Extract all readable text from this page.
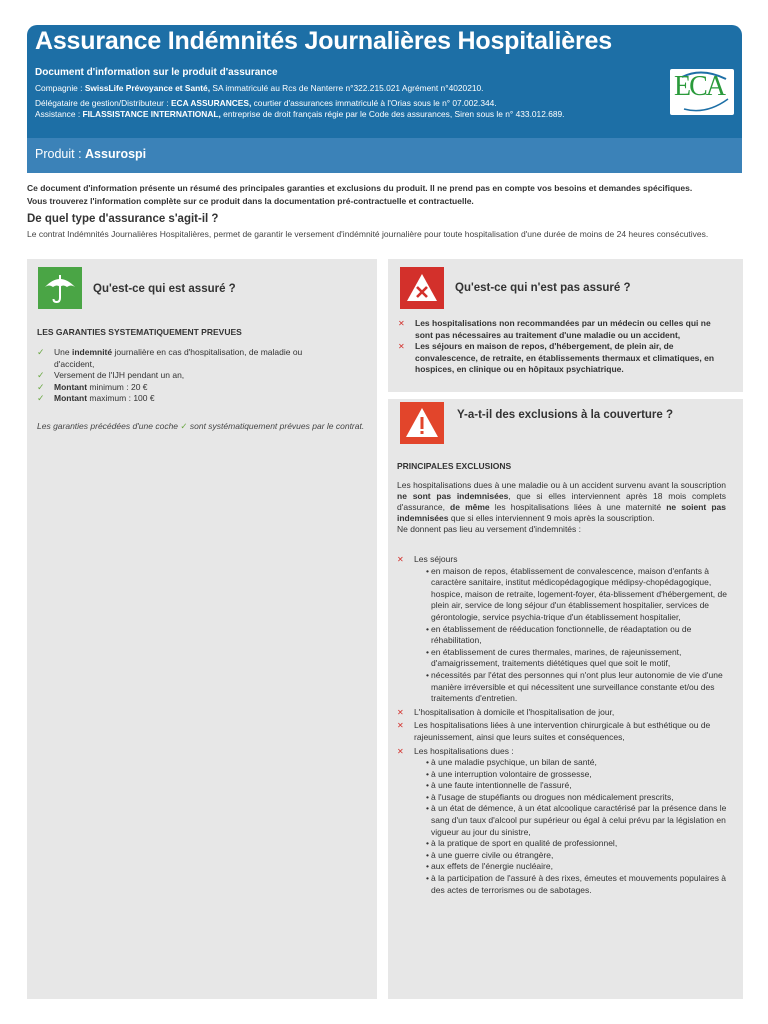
Assurance Indémnités Journalières Hospitalières
Document d'information sur le produit d'assurance
Compagnie : SwissLife Prévoyance et Santé, SA immatriculé au Rcs de Nanterre n°322.215.021 Agrément n°4020210.
Délégataire de gestion/Distributeur : ECA ASSURANCES, courtier d'assurances immatriculé à l'Orias sous le n° 07.002.344.
Assistance : FILASSISTANCE INTERNATIONAL, entreprise de droit français régie par le Code des assurances, Siren sous le n° 433.012.689.
ECA
Produit : Assurospi
Ce document d'information présente un résumé des principales garanties et exclusions du produit. Il ne prend pas en compte vos besoins et demandes spécifiques.
Vous trouverez l'information complète sur ce produit dans la documentation pré-contractuelle et contractuelle.
De quel type d'assurance s'agit-il ?
Le contrat Indémnités Journalières Hospitalières, permet de garantir le versement d'indémnité journalière pour toute hospitalisation d'une durée de moins de 24 heures consécutives.
Qu'est-ce qui est assuré ?
LES GARANTIES SYSTEMATIQUEMENT PREVUES
✓ Une indemnité journalière en cas d'hospitalisation, de maladie ou d'accident,
✓ Versement de l'IJH pendant un an,
✓ Montant minimum : 20 €
✓ Montant maximum : 100 €
Les garanties précédées d'une coche ✓ sont systématiquement prévues par le contrat.
Qu'est-ce qui n'est pas assuré ?
✕ Les hospitalisations non recommandées par un médecin ou celles qui ne sont pas nécessaires au traitement d'une maladie ou un accident,
✕ Les séjours en maison de repos, d'hébergement, de plein air, de convalescence, de retraite, en établissements thermaux et climatiques, en hospices, en clinique ou en hôpitaux psychiatrique.
Y-a-t-il des exclusions à la couverture ?
PRINCIPALES EXCLUSIONS
Les hospitalisations dues à une maladie ou à un accident survenu avant la souscription ne sont pas indemnisées, que si elles interviennent après 18 mois complets d'assurance, de même les hospitalisations liées à une maternité ne soient pas indemnisées que si elles interviennent 9 mois après la souscription.
Ne donnent pas lieu au versement d'indemnités :
✕ Les séjours
• en maison de repos, établissement de convalescence, maison d'enfants à caractère sanitaire, institut médicopédagogique médipsy-chopédagogique, hospice, maison de retraite, logement-foyer, éta-blissement d'hébergement, de plein air, service de long séjour d'un établissement hospitalier, services de gérontologie, service psychia-trique d'un établissement hospitalier,
• en établissement de rééducation fonctionnelle, de réadaptation ou de réhabilitation,
• en établissement de cures thermales, marines, de rajeunissement, d'amaigrissement, traitements diététiques quel que soit le motif,
• nécessités par l'état des personnes qui n'ont plus leur autonomie de vie d'une manière irréversible et qui nécessitent une surveillance constante et/ou des traitements d'entretien.
✕ L'hospitalisation à domicile et l'hospitalisation de jour,
✕ Les hospitalisations liées à une intervention chirurgicale à but esthétique ou de rajeunissement, ainsi que leurs suites et conséquences,
✕ Les hospitalisations dues :
• à une maladie psychique, un bilan de santé,
• à une interruption volontaire de grossesse,
• à une faute intentionnelle de l'assuré,
• à l'usage de stupéfiants ou drogues non médicalement prescrits,
• à un état de démence, à un état alcoolique caractérisé par la présence dans le sang d'un taux d'alcool pur supérieur ou égal à celui prévu par la législation en vigueur au jour du sinistre,
• à la pratique de sport en qualité de professionnel,
• à une guerre civile ou étrangère,
• aux effets de l'énergie nucléaire,
• à la participation de l'assuré à des rixes, émeutes et mouvements populaires à des actes de terrorismes ou de sabotages.
